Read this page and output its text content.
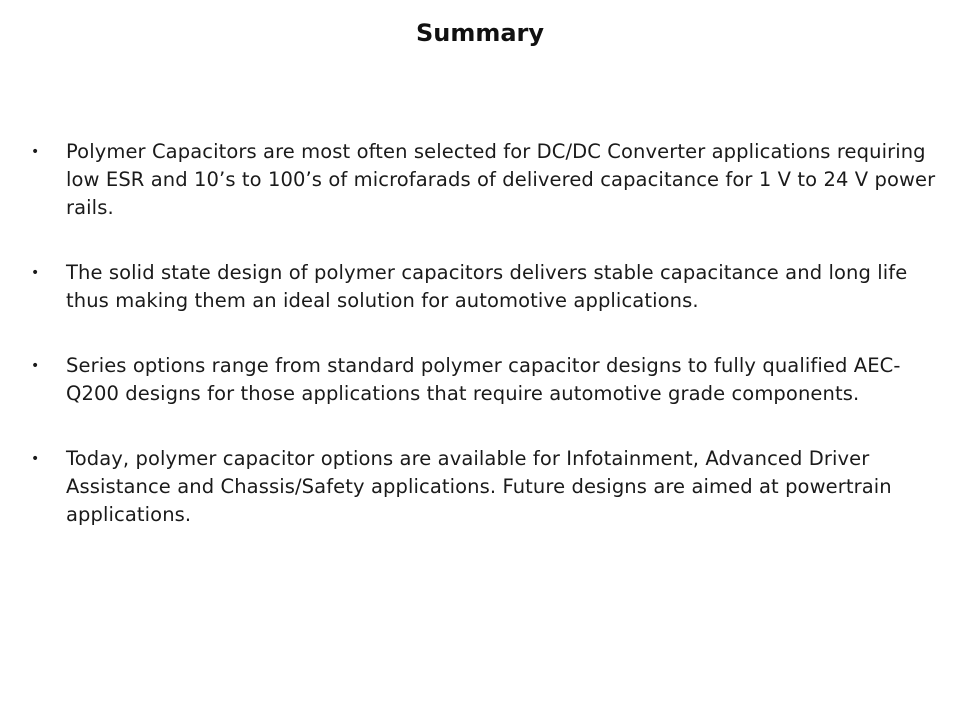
Summary
• Polymer Capacitors are most often selected for DC/DC Converter applications requiring low ESR and 10’s to 100’s of microfarads of delivered capacitance for 1 V to 24 V power rails.
• The solid state design of polymer capacitors delivers stable capacitance and long life thus making them an ideal solution for automotive applications.
• Series options range from standard polymer capacitor designs to fully qualified AEC-Q200 designs for those applications that require automotive grade components.
• Today, polymer capacitor options are available for Infotainment, Advanced Driver Assistance and Chassis/Safety applications. Future designs are aimed at powertrain applications.
